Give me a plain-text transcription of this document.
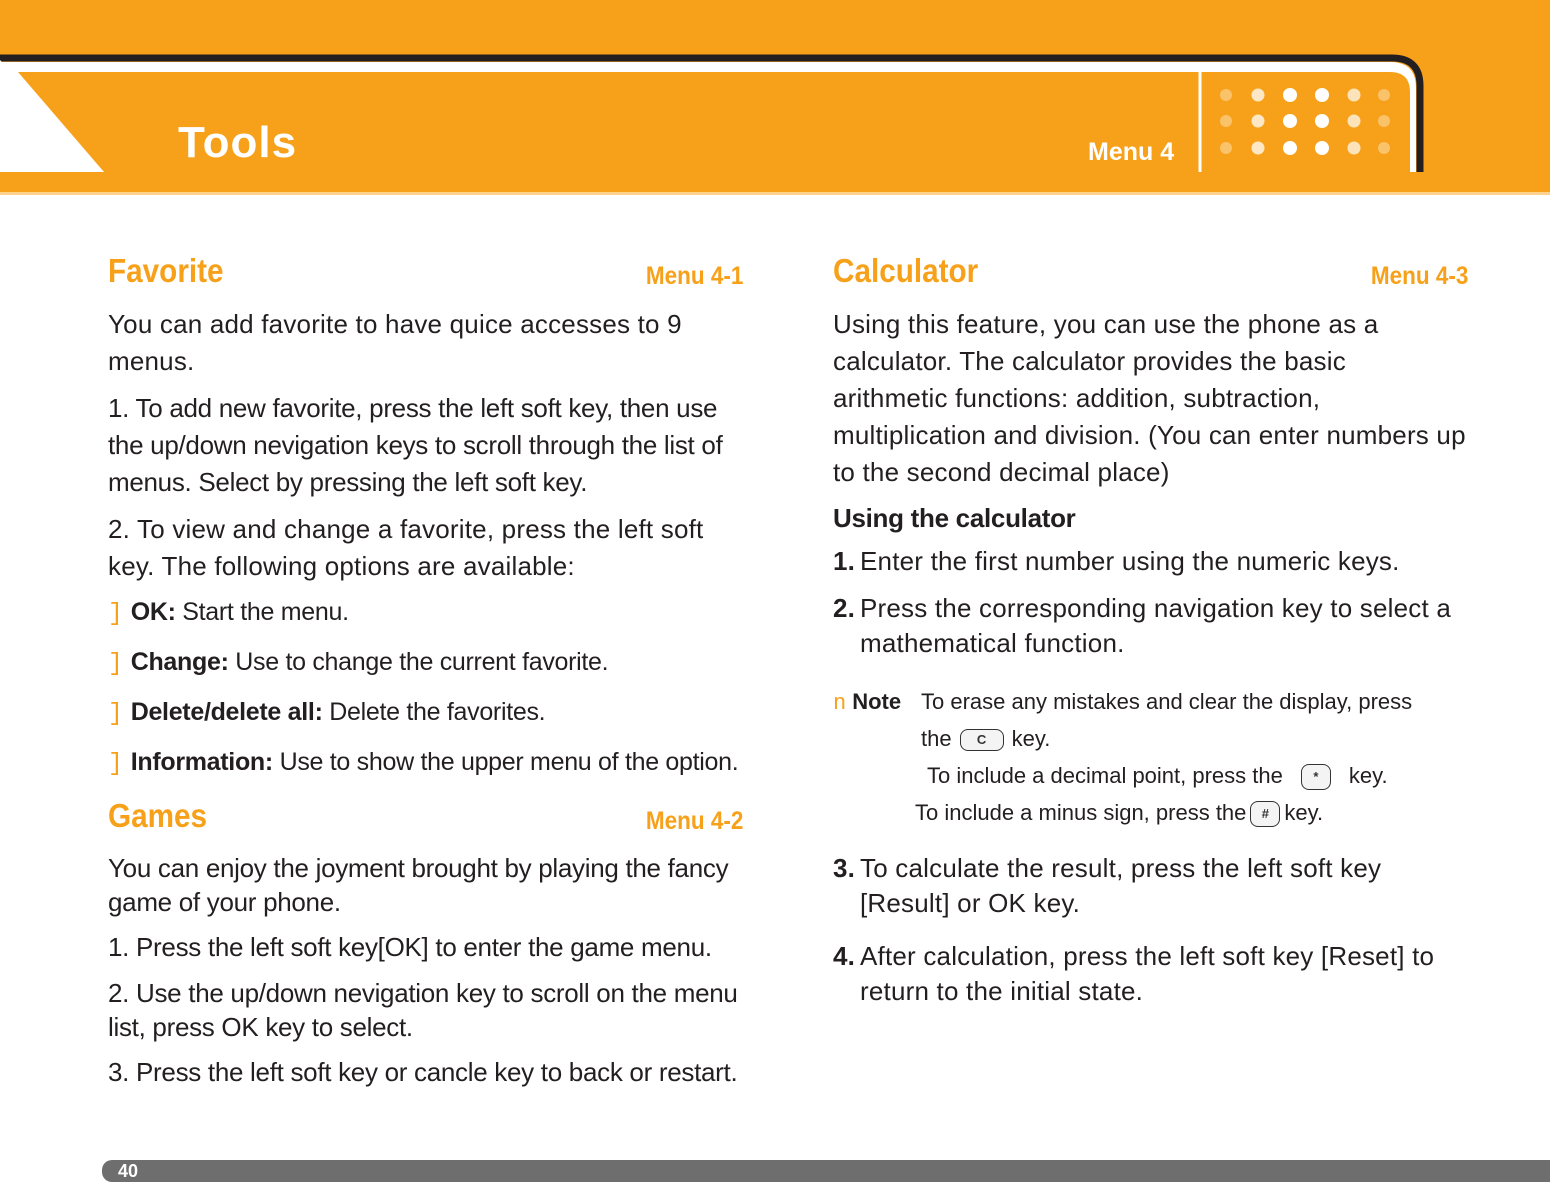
Tools	Menu 4
Favorite	Menu 4-1

You can add favorite to have quice accesses to 9 menus.

1. To add new favorite, press the left soft key, then use the up/down nevigation keys to scroll through the list of menus. Select by pressing the left soft key.

2. To view and change a favorite, press the left soft key. The following options are available:

] OK: Start the menu.
] Change: Use to change the current favorite.
] Delete/delete all: Delete the favorites.
] Information: Use to show the upper menu of the option.
Games	Menu 4-2

You can enjoy the joyment brought by playing the fancy game of your phone.

1. Press the left soft key[OK] to enter the game menu.

2. Use the up/down nevigation key to scroll on the menu list, press OK key to select.

3. Press the left soft key or cancle key to back or restart.

Calculator	Menu 4-3

Using this feature, you can use the phone as a calculator. The calculator provides the basic arithmetic functions: addition, subtraction, multiplication and division. (You can enter numbers up to the second decimal place)

Using the calculator
1. Enter the first number using the numeric keys.
2. Press the corresponding navigation key to select a mathematical function.
n Note To erase any mistakes and clear the display, press
the C key.
To include a decimal point, press the * key.
To include a minus sign, press the # key.
3. To calculate the result, press the left soft key [Result] or OK key.
4. After calculation, press the left soft key [Reset] to return to the initial state.
40
